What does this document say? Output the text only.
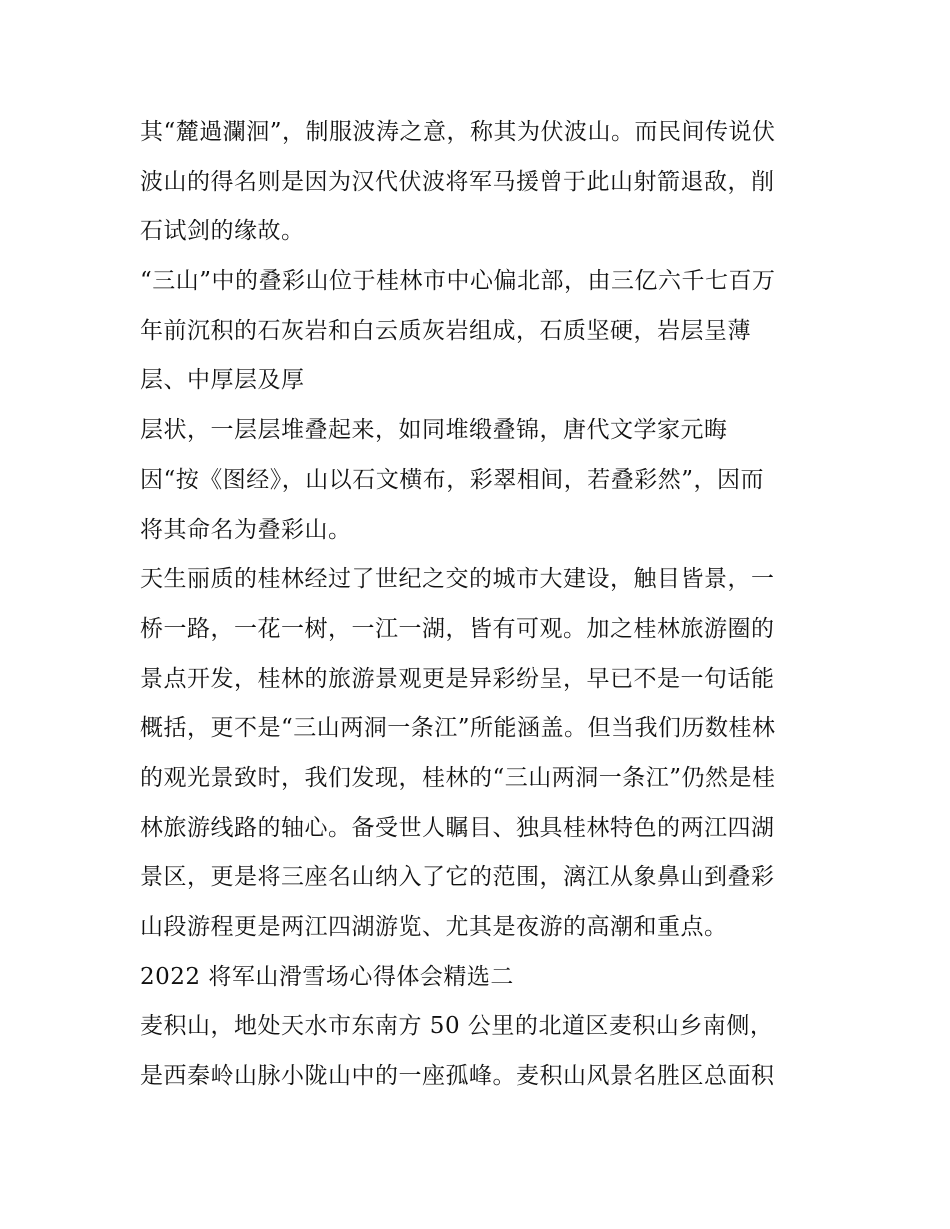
其“麓過瀾洄”，制服波涛之意，称其为伏波山。而民间传说伏
波山的得名则是因为汉代伏波将军马援曾于此山射箭退敌，削
石试剑的缘故。
“三山”中的叠彩山位于桂林市中心偏北部，由三亿六千七百万
年前沉积的石灰岩和白云质灰岩组成，石质坚硬，岩层呈薄
层、中厚层及厚
层状，一层层堆叠起来，如同堆缎叠锦，唐代文学家元晦
因“按《图经》，山以石文横布，彩翠相间，若叠彩然”，因而
将其命名为叠彩山。
天生丽质的桂林经过了世纪之交的城市大建设，触目皆景，一
桥一路，一花一树，一江一湖，皆有可观。加之桂林旅游圈的
景点开发，桂林的旅游景观更是异彩纷呈，早已不是一句话能
概括，更不是“三山两洞一条江”所能涵盖。但当我们历数桂林
的观光景致时，我们发现，桂林的“三山两洞一条江”仍然是桂
林旅游线路的轴心。备受世人瞩目、独具桂林特色的两江四湖
景区，更是将三座名山纳入了它的范围，漓江从象鼻山到叠彩
山段游程更是两江四湖游览、尤其是夜游的高潮和重点。
2022 将军山滑雪场心得体会精选二
麦积山，地处天水市东南方 50 公里的北道区麦积山乡南侧，
是西秦岭山脉小陇山中的一座孤峰。麦积山风景名胜区总面积
